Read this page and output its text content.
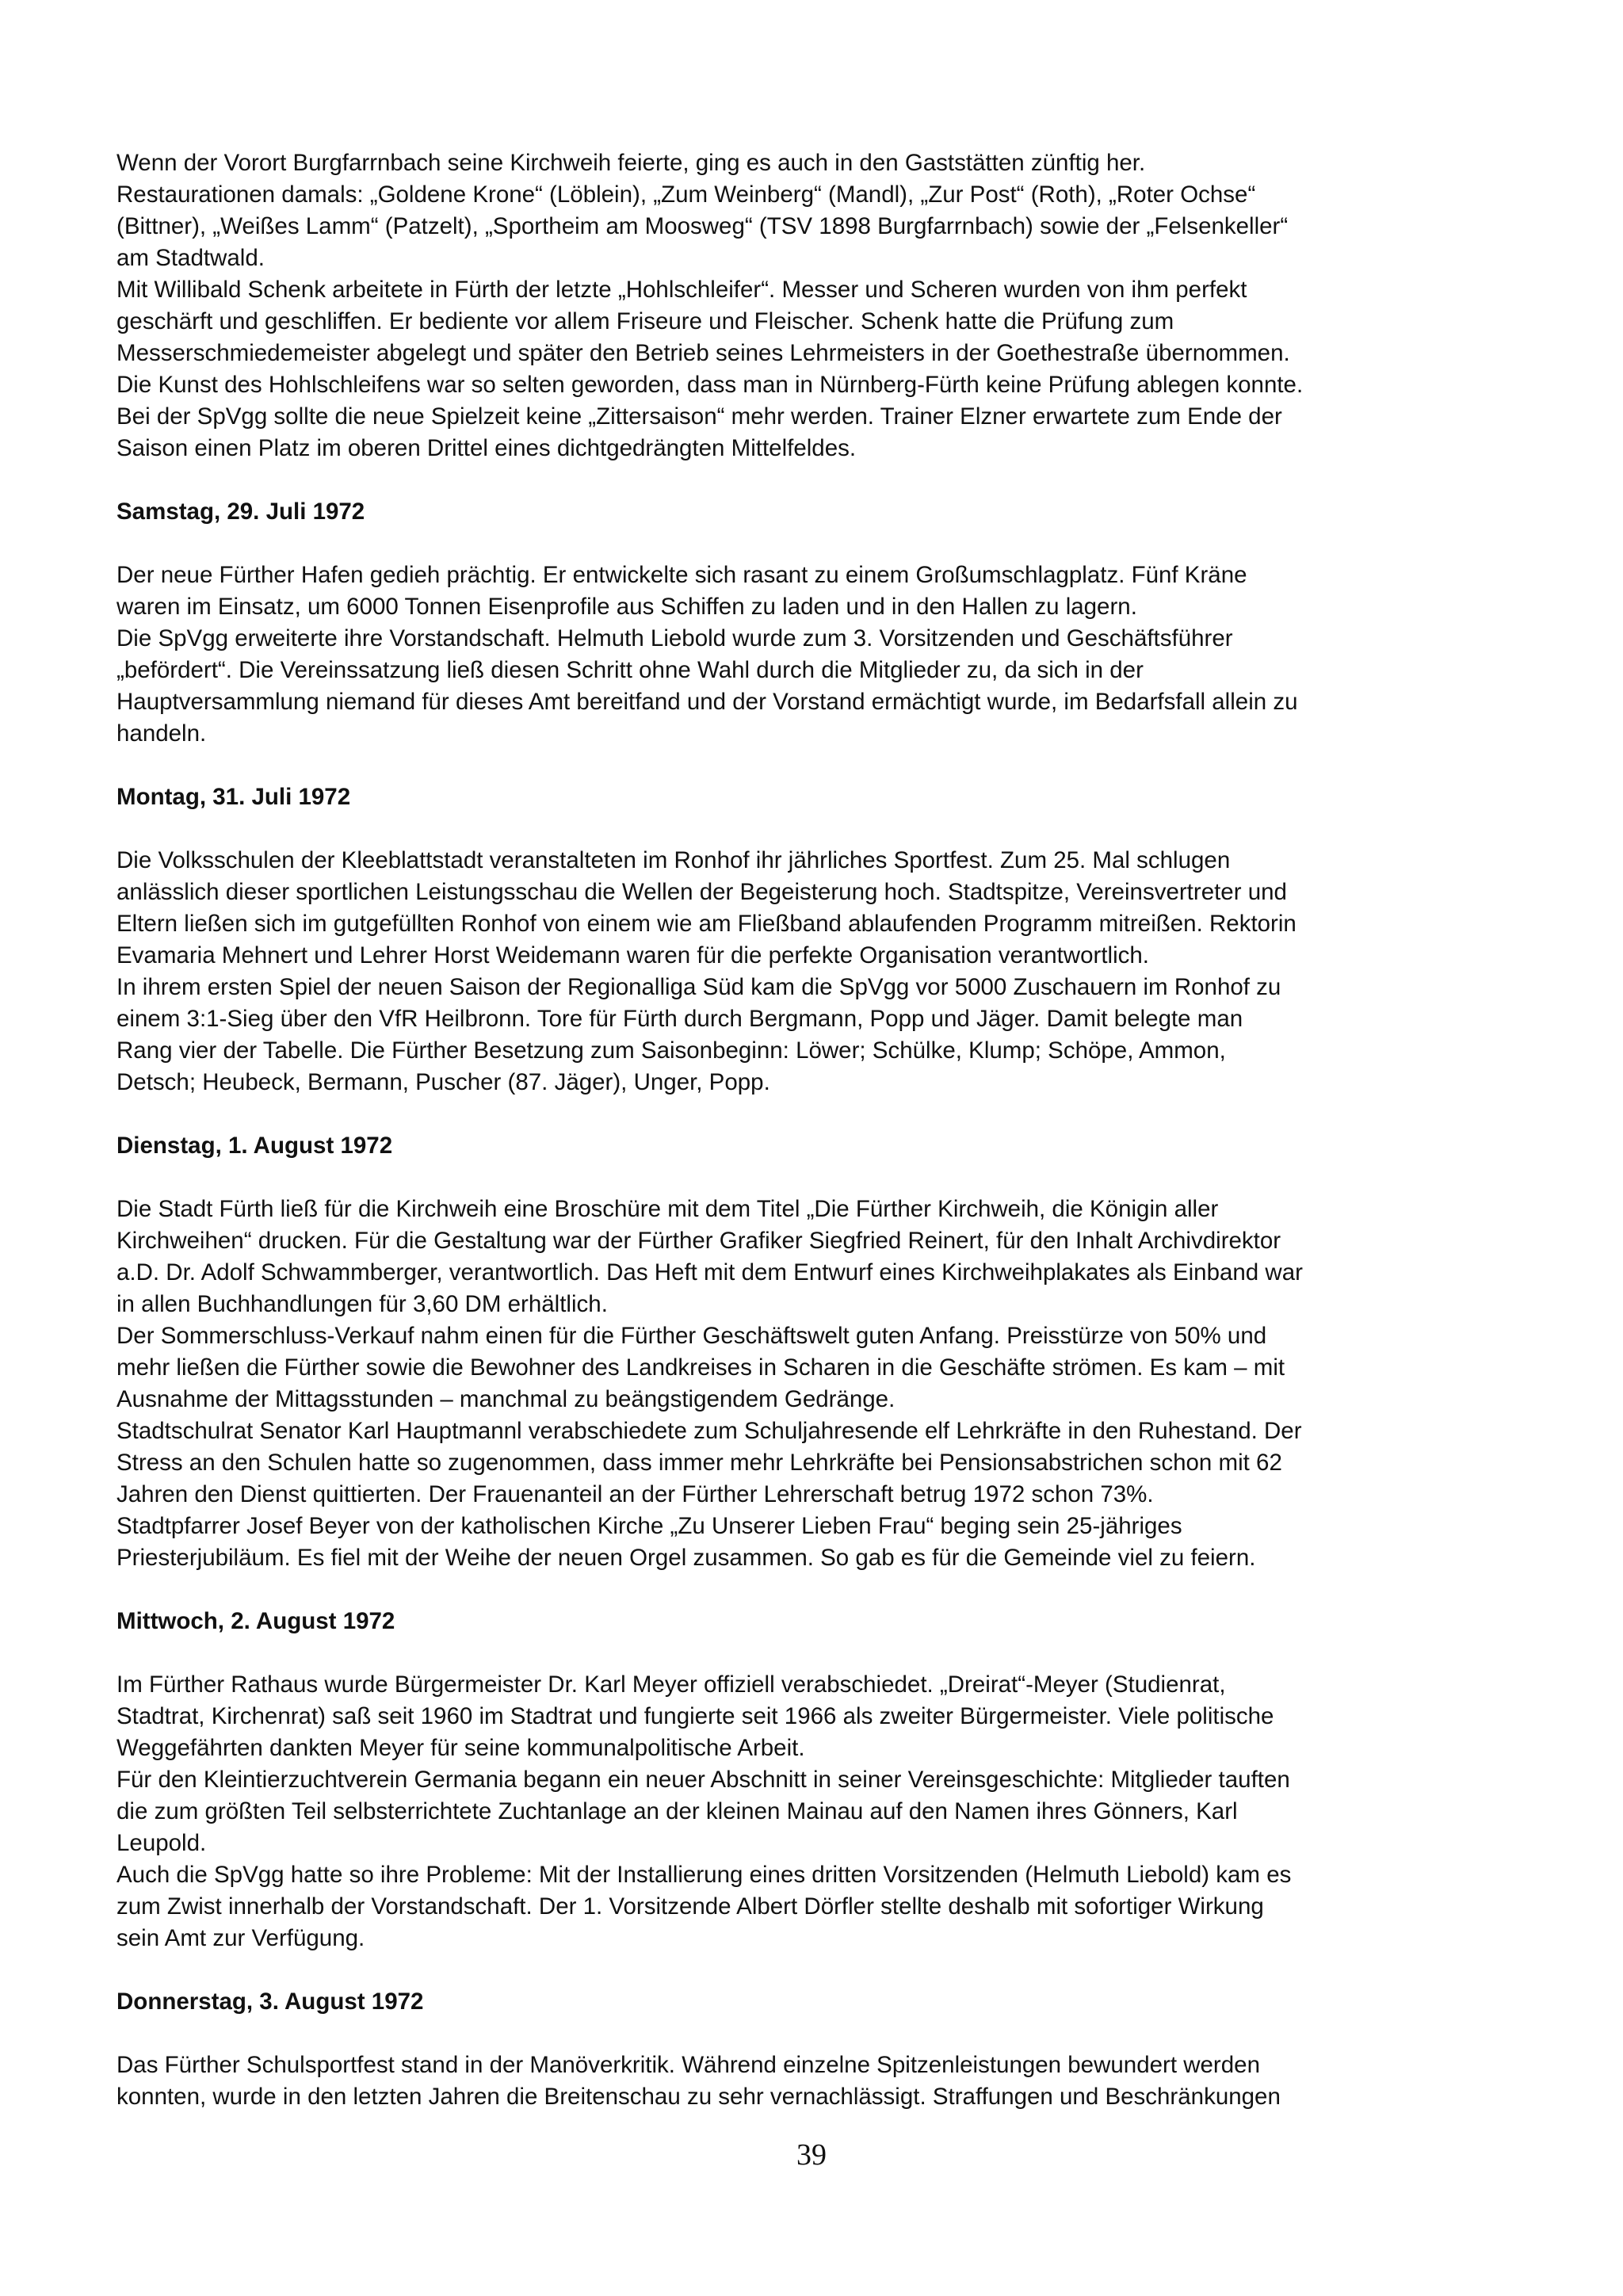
Wenn der Vorort Burgfarrnbach seine Kirchweih feierte, ging es auch in den Gaststätten zünftig her.
Restaurationen damals: „Goldene Krone“ (Löblein), „Zum Weinberg“ (Mandl), „Zur Post“ (Roth), „Roter Ochse“
(Bittner), „Weißes Lamm“ (Patzelt), „Sportheim am Moosweg“ (TSV 1898 Burgfarrnbach) sowie der „Felsenkeller“
am Stadtwald.

Mit Willibald Schenk arbeitete in Fürth der letzte „Hohlschleifer“. Messer und Scheren wurden von ihm perfekt
geschärft und geschliffen. Er bediente vor allem Friseure und Fleischer. Schenk hatte die Prüfung zum
Messerschmiedemeister abgelegt und später den Betrieb seines Lehrmeisters in der Goethestraße übernommen.
Die Kunst des Hohlschleifens war so selten geworden, dass man in Nürnberg-Fürth keine Prüfung ablegen konnte.

Bei der SpVgg sollte die neue Spielzeit keine „Zittersaison“ mehr werden. Trainer Elzner erwartete zum Ende der
Saison einen Platz im oberen Drittel eines dichtgedrängten Mittelfeldes.

Samstag, 29. Juli 1972

Der neue Fürther Hafen gedieh prächtig. Er entwickelte sich rasant zu einem Großumschlagplatz. Fünf Kräne
waren im Einsatz, um 6000 Tonnen Eisenprofile aus Schiffen zu laden und in den Hallen zu lagern.

Die SpVgg erweiterte ihre Vorstandschaft. Helmuth Liebold wurde zum 3. Vorsitzenden und Geschäftsführer
„befördert“. Die Vereinssatzung ließ diesen Schritt ohne Wahl durch die Mitglieder zu, da sich in der
Hauptversammlung niemand für dieses Amt bereitfand und der Vorstand ermächtigt wurde, im Bedarfsfall allein zu
handeln.

Montag, 31. Juli 1972

Die Volksschulen der Kleeblattstadt veranstalteten im Ronhof ihr jährliches Sportfest. Zum 25. Mal schlugen
anlässlich dieser sportlichen Leistungsschau die Wellen der Begeisterung hoch. Stadtspitze, Vereinsvertreter und
Eltern ließen sich im gutgefüllten Ronhof von einem wie am Fließband ablaufenden Programm mitreißen. Rektorin
Evamaria Mehnert und Lehrer Horst Weidemann waren für die perfekte Organisation verantwortlich.

In ihrem ersten Spiel der neuen Saison der Regionalliga Süd kam die SpVgg vor 5000 Zuschauern im Ronhof zu
einem 3:1-Sieg über den VfR Heilbronn. Tore für Fürth durch Bergmann, Popp und Jäger. Damit belegte man
Rang vier der Tabelle. Die Fürther Besetzung zum Saisonbeginn: Löwer; Schülke, Klump; Schöpe, Ammon,
Detsch; Heubeck, Bermann, Puscher (87. Jäger), Unger, Popp.

Dienstag, 1. August 1972

Die Stadt Fürth ließ für die Kirchweih eine Broschüre mit dem Titel „Die Fürther Kirchweih, die Königin aller
Kirchweihen“ drucken. Für die Gestaltung war der Fürther Grafiker Siegfried Reinert, für den Inhalt Archivdirektor
a.D. Dr. Adolf Schwammberger, verantwortlich. Das Heft mit dem Entwurf eines Kirchweihplakates als Einband war
in allen Buchhandlungen für 3,60 DM erhältlich.

Der Sommerschluss-Verkauf nahm einen für die Fürther Geschäftswelt guten Anfang. Preisstürze von 50% und
mehr ließen die Fürther sowie die Bewohner des Landkreises in Scharen in die Geschäfte strömen. Es kam – mit
Ausnahme der Mittagsstunden – manchmal zu beängstigendem Gedränge.

Stadtschulrat Senator Karl Hauptmannl verabschiedete zum Schuljahresende elf Lehrkräfte in den Ruhestand. Der
Stress an den Schulen hatte so zugenommen, dass immer mehr Lehrkräfte bei Pensionsabstrichen schon mit 62
Jahren den Dienst quittierten. Der Frauenanteil an der Fürther Lehrerschaft betrug 1972 schon 73%.

Stadtpfarrer Josef Beyer von der katholischen Kirche „Zu Unserer Lieben Frau“ beging sein 25-jähriges
Priesterjubiläum. Es fiel mit der Weihe der neuen Orgel zusammen. So gab es für die Gemeinde viel zu feiern.

Mittwoch, 2. August 1972

Im Fürther Rathaus wurde Bürgermeister Dr. Karl Meyer offiziell verabschiedet. „Dreirat“-Meyer (Studienrat,
Stadtrat, Kirchenrat) saß seit 1960 im Stadtrat und fungierte seit 1966 als zweiter Bürgermeister. Viele politische
Weggefährten dankten Meyer für seine kommunalpolitische Arbeit.

Für den Kleintierzuchtverein Germania begann ein neuer Abschnitt in seiner Vereinsgeschichte: Mitglieder tauften
die zum größten Teil selbsterrichtete Zuchtanlage an der kleinen Mainau auf den Namen ihres Gönners, Karl
Leupold.

Auch die SpVgg hatte so ihre Probleme: Mit der Installierung eines dritten Vorsitzenden (Helmuth Liebold) kam es
zum Zwist innerhalb der Vorstandschaft. Der 1. Vorsitzende Albert Dörfler stellte deshalb mit sofortiger Wirkung
sein Amt zur Verfügung.

Donnerstag, 3. August 1972

Das Fürther Schulsportfest stand in der Manöverkritik. Während einzelne Spitzenleistungen bewundert werden
konnten, wurde in den letzten Jahren die Breitenschau zu sehr vernachlässigt. Straffungen und Beschränkungen

39
